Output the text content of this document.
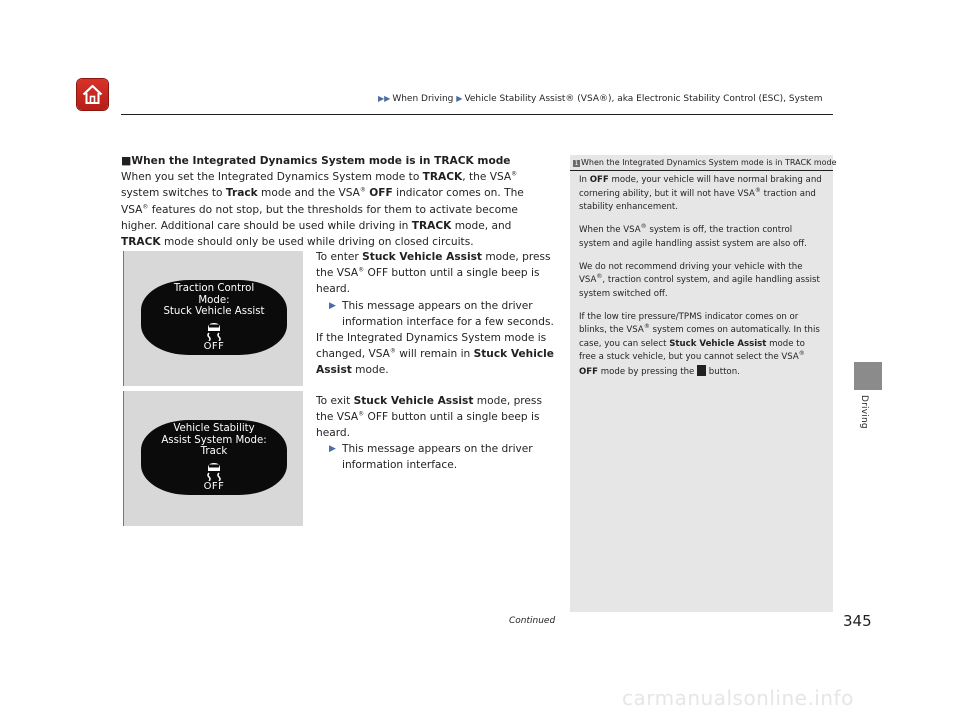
▶▶ When Driving ▶ Vehicle Stability Assist® (VSA®), aka Electronic Stability Control (ESC), System
Driving
■When the Integrated Dynamics System mode is in TRACK mode
When you set the Integrated Dynamics System mode to TRACK, the VSA® system switches to Track mode and the VSA® OFF indicator comes on. The VSA® features do not stop, but the thresholds for them to activate become higher. Additional care should be used while driving in TRACK mode, and TRACK mode should only be used while driving on closed circuits.
Traction Control
Mode:
Stuck Vehicle Assist
OFF
Vehicle Stability
Assist System Mode:
Track
OFF
To enter Stuck Vehicle Assist mode, press the VSA® OFF button until a single beep is heard.
▶ This message appears on the driver information interface for a few seconds.
If the Integrated Dynamics System mode is changed, VSA® will remain in Stuck Vehicle Assist mode.
To exit Stuck Vehicle Assist mode, press the VSA® OFF button until a single beep is heard.
▶ This message appears on the driver information interface.
1 When the Integrated Dynamics System mode is in TRACK mode

In OFF mode, your vehicle will have normal braking and cornering ability, but it will not have VSA® traction and stability enhancement.

When the VSA® system is off, the traction control system and agile handling assist system are also off.

We do not recommend driving your vehicle with the VSA®, traction control system, and agile handling assist system switched off.

If the low tire pressure/TPMS indicator comes on or blinks, the VSA® system comes on automatically. In this case, you can select Stuck Vehicle Assist mode to free a stuck vehicle, but you cannot select the VSA® OFF mode by pressing the  button.

Continued	345
carmanualsonline.info
